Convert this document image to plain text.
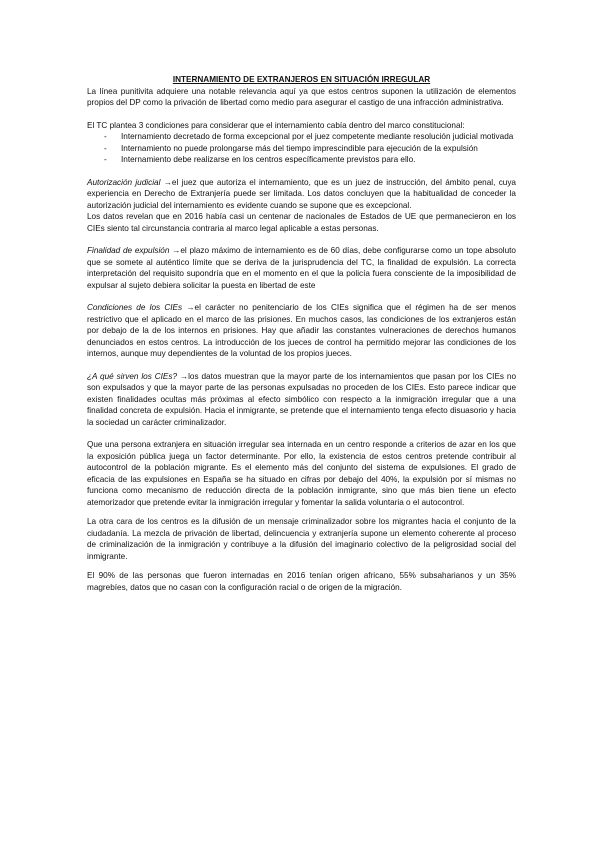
INTERNAMIENTO DE EXTRANJEROS EN SITUACIÓN IRREGULAR

La línea punitivita adquiere una notable relevancia aquí ya que estos centros suponen la utilización de elementos propios del DP como la privación de libertad como medio para asegurar el castigo de una infracción administrativa.

El TC plantea 3 condiciones para considerar que el internamiento cabía dentro del marco constitucional:

- Internamiento decretado de forma excepcional por el juez competente mediante resolución judicial motivada
- Internamiento no puede prolongarse más del tiempo imprescindible para ejecución de la expulsión
- Internamiento debe realizarse en los centros específicamente previstos para ello.

Autorización judicial →el juez que autoriza el internamiento, que es un juez de instrucción, del ámbito penal, cuya experiencia en Derecho de Extranjería puede ser limitada. Los datos concluyen que la habitualidad de conceder la autorización judicial del internamiento es evidente cuando se supone que es excepcional.

Los datos revelan que en 2016 había casi un centenar de nacionales de Estados de UE que permanecieron en los CIEs siento tal circunstancia contraria al marco legal aplicable a estas personas.

Finalidad de expulsión →el plazo máximo de internamiento es de 60 días, debe configurarse como un tope absoluto que se somete al auténtico límite que se deriva de la jurisprudencia del TC, la finalidad de expulsión. La correcta interpretación del requisito supondría que en el momento en el que la policía fuera consciente de la imposibilidad de expulsar al sujeto debiera solicitar la puesta en libertad de este

Condiciones de los CIEs →el carácter no penitenciario de los CIEs significa que el régimen ha de ser menos restrictivo que el aplicado en el marco de las prisiones. En muchos casos, las condiciones de los extranjeros están por debajo de la de los internos en prisiones. Hay que añadir las constantes vulneraciones de derechos humanos denunciados en estos centros. La introducción de los jueces de control ha permitido mejorar las condiciones de los internos, aunque muy dependientes de la voluntad de los propios jueces.

¿A qué sirven los CIEs? →los datos muestran que la mayor parte de los internamientos que pasan por los CIEs no son expulsados y que la mayor parte de las personas expulsadas no proceden de los CIEs. Esto parece indicar que existen finalidades ocultas más próximas al efecto simbólico con respecto a la inmigración irregular que a una finalidad concreta de expulsión. Hacia el inmigrante, se pretende que el internamiento tenga efecto disuasorio y hacia la sociedad un carácter criminalizador.

Que una persona extranjera en situación irregular sea internada en un centro responde a criterios de azar en los que la exposición pública juega un factor determinante. Por ello, la existencia de estos centros pretende contribuir al autocontrol de la población migrante. Es el elemento más del conjunto del sistema de expulsiones. El grado de eficacia de las expulsiones en España se ha situado en cifras por debajo del 40%, la expulsión por sí mismas no funciona como mecanismo de reducción directa de la población inmigrante, sino que más bien tiene un efecto atemorizador que pretende evitar la inmigración irregular y fomentar la salida voluntaria o el autocontrol.

La otra cara de los centros es la difusión de un mensaje criminalizador sobre los migrantes hacia el conjunto de la ciudadanía. La mezcla de privación de libertad, delincuencia y extranjería supone un elemento coherente al proceso de criminalización de la inmigración y contribuye a la difusión del imaginario colectivo de la peligrosidad social del inmigrante.

El 90% de las personas que fueron internadas en 2016 tenían origen africano, 55% subsaharianos y un 35% magrebíes, datos que no casan con la configuración racial o de origen de la migración.
